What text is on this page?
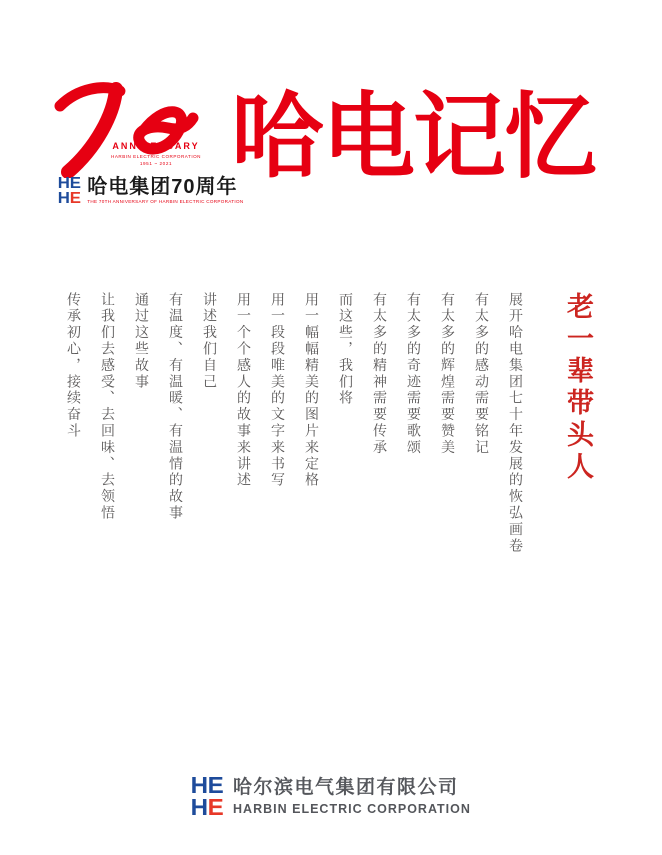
ANNIVERSARY
HARBIN ELECTRIC CORPORATION
1951 ~ 2021
H E
H E
哈电集团70周年
THE 70TH ANNIVERSARY OF HARBIN ELECTRIC CORPORATION
哈电记忆

老一辈带头人

展开哈电集团七十年发展的恢弘画卷

有太多的感动需要铭记

有太多的辉煌需要赞美

有太多的奇迹需要歌颂

有太多的精神需要传承

而这些，我们将

用一幅幅精美的图片来定格

用一段段唯美的文字来书写

用一个个感人的故事来讲述

讲述我们自己

有温度、有温暖、有温情的故事

通过这些故事

让我们去感受、去回味、去领悟

传承初心，接续奋斗

H E
H E
哈尔滨电气集团有限公司
HARBIN ELECTRIC CORPORATION
